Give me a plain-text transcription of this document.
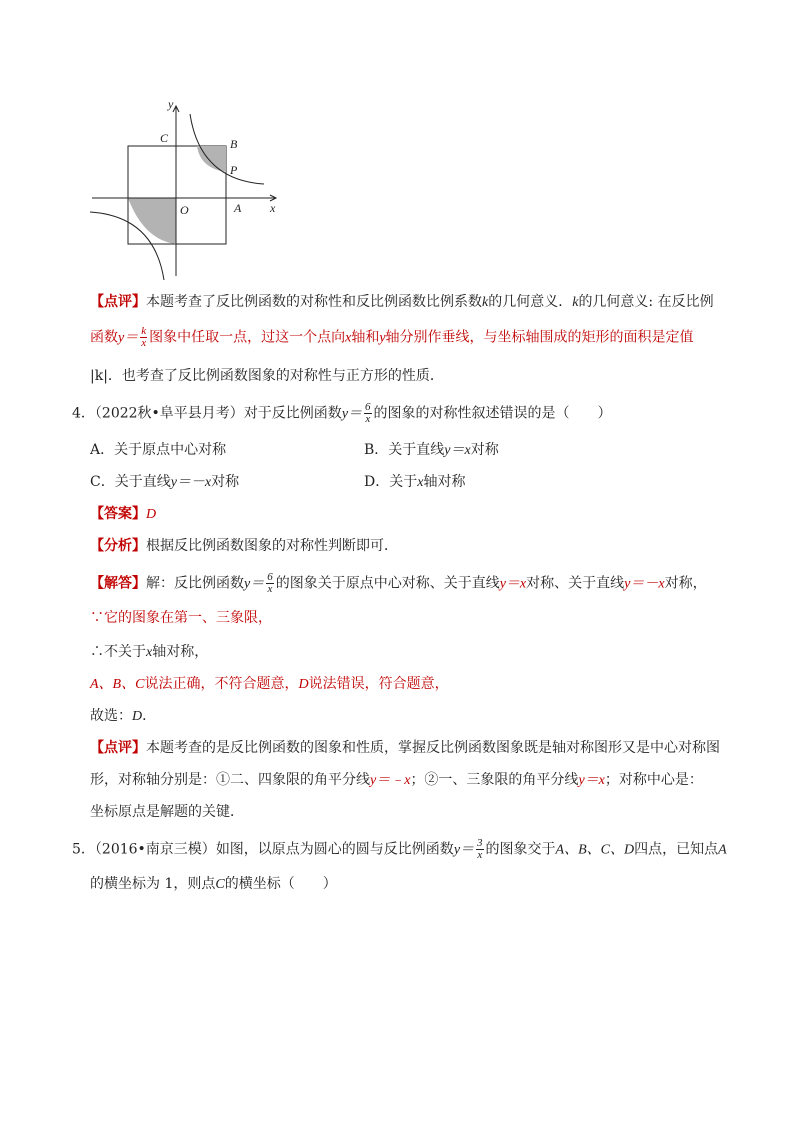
y
x
C	B
P
O	A
【点评】本题考查了反比例函数的对称性和反比例函数比例系数k的几何意义．k的几何意义: 在反比例
函数$y= \frac{k}{x}$ 图象中任取一点，过这一个点向x轴和y轴分别作垂线，与坐标轴围成的矩形的面积是定值
|k|．也考查了反比例函数图象的对称性与正方形的性质．
4．（2022秋•阜平县月考）对于反比例函数$y= \frac{6}{x}$ 的图象的对称性叙述错误的是（　　）
A．关于原点中心对称	B．关于直线y＝x对称
C．关于直线y＝－x对称	D．关于x轴对称
【答案】D
【分析】根据反比例函数图象的对称性判断即可．
【解答】解：反比例函数$y= \frac{6}{x}$ 的图象关于原点中心对称、关于直线y＝x对称、关于直线y＝－x对称，
∵它的图象在第一、三象限，
∴不关于x轴对称，
A、B、C说法正确，不符合题意，D说法错误，符合题意，
故选：D．
【点评】本题考查的是反比例函数的图象和性质，掌握反比例函数图象既是轴对称图形又是中心对称图
形，对称轴分别是：①二、四象限的角平分线y＝﹣x；②一、三象限的角平分线y＝x；对称中心是：
坐标原点是解题的关键．
5．（2016•南京三模）如图，以原点为圆心的圆与反比例函数$y= \frac{3}{x}$ 的图象交于A、B、C、D四点，已知点A
的横坐标为 1，则点C的横坐标（　　）
